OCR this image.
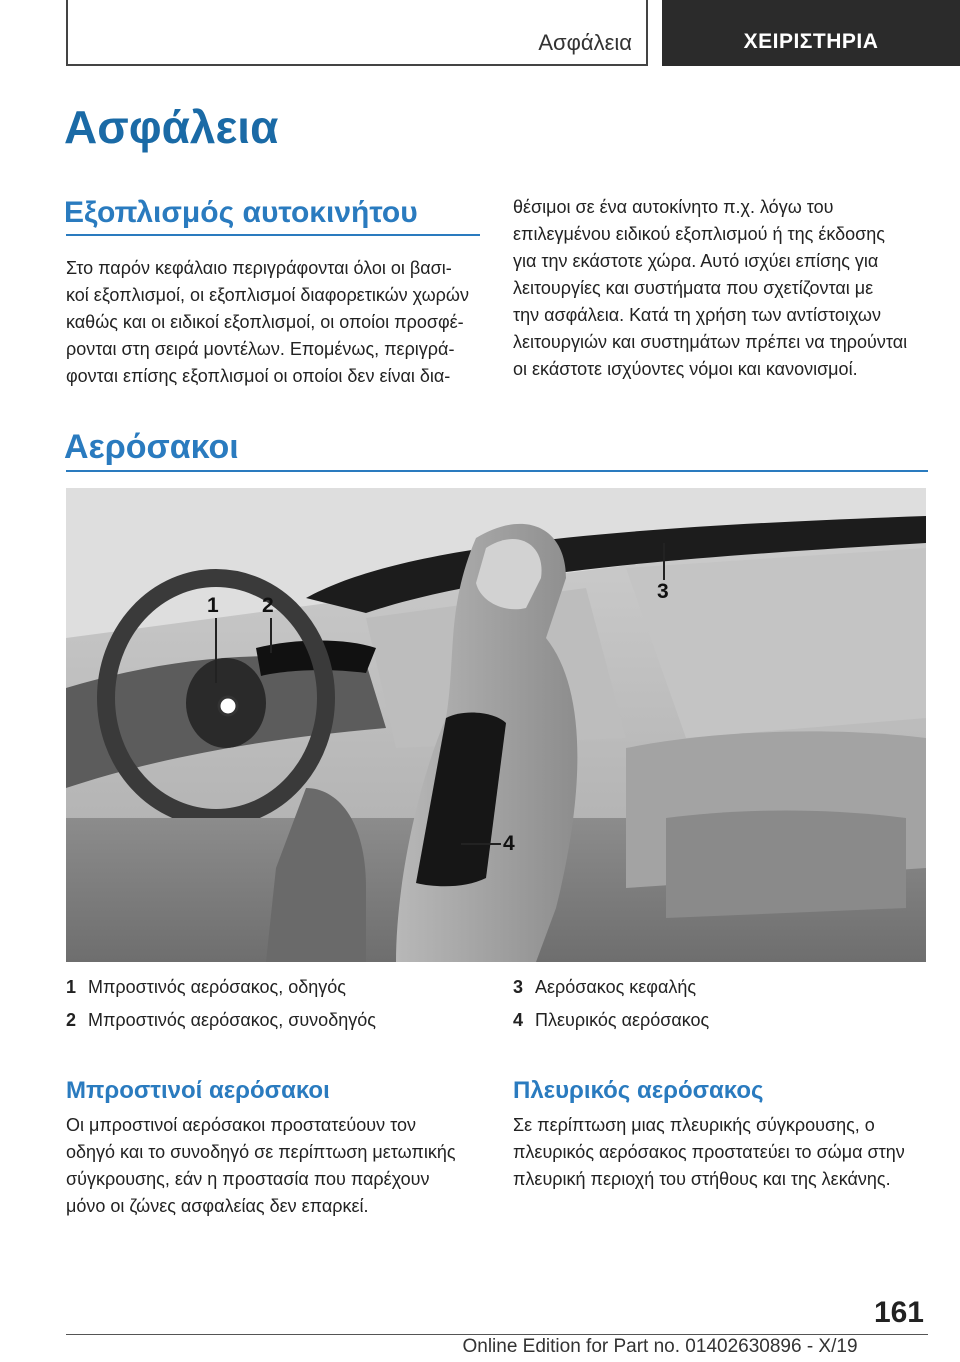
Ασφάλεια	ΧΕΙΡΙΣΤΗΡΙΑ
Ασφάλεια
Εξοπλισμός αυτοκινήτου
Στο παρόν κεφάλαιο περιγράφονται όλοι οι βασι-
κοί εξοπλισμοί, οι εξοπλισμοί διαφορετικών χωρών
καθώς και οι ειδικοί εξοπλισμοί, οι οποίοι προσφέ-
ρονται στη σειρά μοντέλων. Επομένως, περιγρά-
φονται επίσης εξοπλισμοί οι οποίοι δεν είναι δια-
θέσιμοι σε ένα αυτοκίνητο π.χ. λόγω του
επιλεγμένου ειδικού εξοπλισμού ή της έκδοσης
για την εκάστοτε χώρα. Αυτό ισχύει επίσης για
λειτουργίες και συστήματα που σχετίζονται με
την ασφάλεια. Κατά τη χρήση των αντίστοιχων
λειτουργιών και συστημάτων πρέπει να τηρούνται
οι εκάστοτε ισχύοντες νόμοι και κανονισμοί.
Αερόσακοι
1 2
3
4
1 Μπροστινός αερόσακος, οδηγός
2 Μπροστινός αερόσακος, συνοδηγός
3 Αερόσακος κεφαλής
4 Πλευρικός αερόσακος
Μπροστινοί αερόσακοι
Οι μπροστινοί αερόσακοι προστατεύουν τον
οδηγό και το συνοδηγό σε περίπτωση μετωπικής
σύγκρουσης, εάν η προστασία που παρέχουν
μόνο οι ζώνες ασφαλείας δεν επαρκεί.
Πλευρικός αερόσακος
Σε περίπτωση μιας πλευρικής σύγκρουσης, ο
πλευρικός αερόσακος προστατεύει το σώμα στην
πλευρική περιοχή του στήθους και της λεκάνης.
161
Online Edition for Part no. 01402630896 - X/19
